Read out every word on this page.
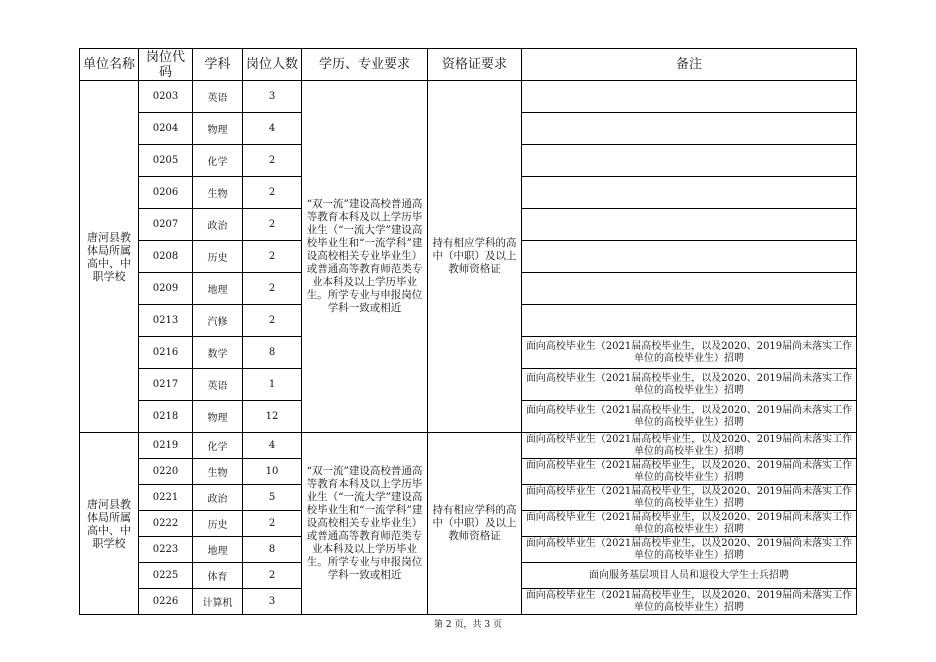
单位名称	岗位代码	学科	岗位人数	学历、专业要求	资格证要求	备注
唐河县教体局所属高中、中职学校	0203	英语	3	“双一流”建设高校普通高等教育本科及以上学历毕业生（“一流大学”建设高校毕业生和“一流学科”建设高校相关专业毕业生）或普通高等教育师范类专业本科及以上学历毕业生。所学专业与申报岗位学科一致或相近	持有相应学科的高中（中职）及以上教师资格证	
	0204	物理	4			
	0205	化学	2			
	0206	生物	2			
	0207	政治	2			
	0208	历史	2			
	0209	地理	2			
	0213	汽修	2			
	0216	数学	8			面向高校毕业生（2021届高校毕业生，以及2020、2019届尚未落实工作单位的高校毕业生）招聘
	0217	英语	1			面向高校毕业生（2021届高校毕业生，以及2020、2019届尚未落实工作单位的高校毕业生）招聘
	0218	物理	12			面向高校毕业生（2021届高校毕业生，以及2020、2019届尚未落实工作单位的高校毕业生）招聘
唐河县教体局所属高中、中职学校	0219	化学	4	“双一流”建设高校普通高等教育本科及以上学历毕业生（“一流大学”建设高校毕业生和“一流学科”建设高校相关专业毕业生）或普通高等教育师范类专业本科及以上学历毕业生。所学专业与申报岗位学科一致或相近	持有相应学科的高中（中职）及以上教师资格证	面向高校毕业生（2021届高校毕业生，以及2020、2019届尚未落实工作单位的高校毕业生）招聘
	0220	生物	10			面向高校毕业生（2021届高校毕业生，以及2020、2019届尚未落实工作单位的高校毕业生）招聘
	0221	政治	5			面向高校毕业生（2021届高校毕业生，以及2020、2019届尚未落实工作单位的高校毕业生）招聘
	0222	历史	2			面向高校毕业生（2021届高校毕业生，以及2020、2019届尚未落实工作单位的高校毕业生）招聘
	0223	地理	8			面向高校毕业生（2021届高校毕业生，以及2020、2019届尚未落实工作单位的高校毕业生）招聘
	0225	体育	2			面向服务基层项目人员和退役大学生士兵招聘
	0226	计算机	3			面向高校毕业生（2021届高校毕业生，以及2020、2019届尚未落实工作单位的高校毕业生）招聘
第 2 页，共 3 页
